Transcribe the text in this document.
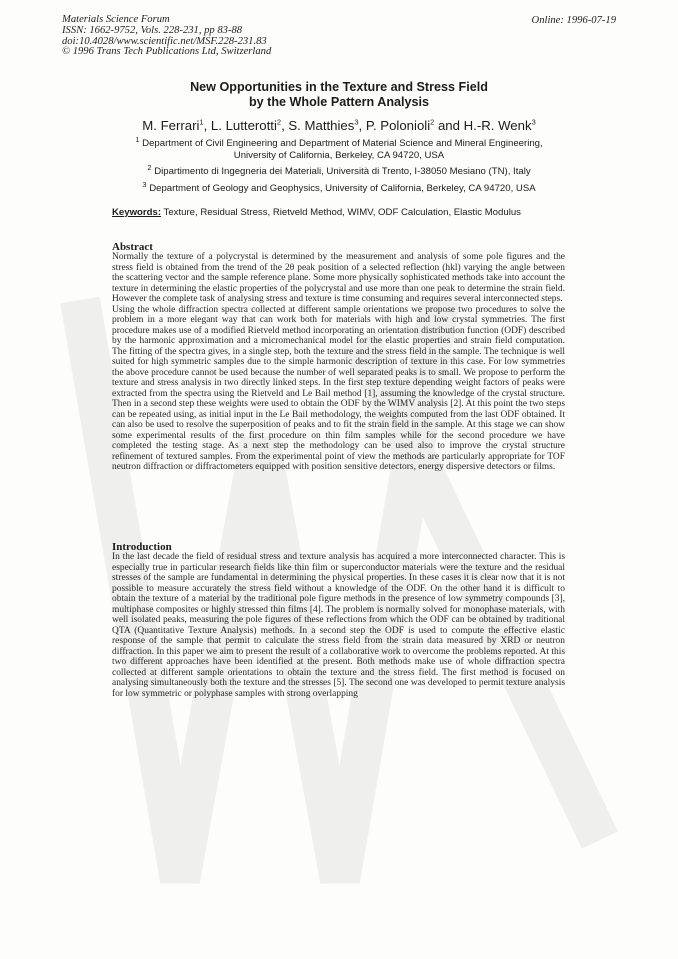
Materials Science Forum
ISSN: 1662-9752, Vols. 228-231, pp 83-88
doi:10.4028/www.scientific.net/MSF.228-231.83
© 1996 Trans Tech Publications Ltd, Switzerland
Online: 1996-07-19
New Opportunities in the Texture and Stress Field
by the Whole Pattern Analysis
M. Ferrari$^1$, L. Lutterotti$^2$, S. Matthies$^3$, P. Polonioli$^2$ and H.-R. Wenk$^3$
$^1$ Department of Civil Engineering and Department of Material Science and Mineral Engineering,
University of California, Berkeley, CA 94720, USA
$^2$ Dipartimento di Ingegneria dei Materiali, Università di Trento, I-38050 Mesiano (TN), Italy
$^3$ Department of Geology and Geophysics, University of California, Berkeley, CA 94720, USA
Keywords: Texture, Residual Stress, Rietveld Method, WIMV, ODF Calculation, Elastic Modulus
Abstract

Normally the texture of a polycrystal is determined by the measurement and analysis of some pole figures and the stress field is obtained from the trend of the 2θ peak position of a selected reflection (hkl) varying the angle between the scattering vector and the sample reference plane. Some more physically sophisticated methods take into account the texture in determining the elastic properties of the polycrystal and use more than one peak to determine the strain field. However the complete task of analysing stress and texture is time consuming and requires several interconnected steps.

Using the whole diffraction spectra collected at different sample orientations we propose two procedures to solve the problem in a more elegant way that can work both for materials with high and low crystal symmetries. The first procedure makes use of a modified Rietveld method incorporating an orientation distribution function (ODF) described by the harmonic approximation and a micromechanical model for the elastic properties and strain field computation. The fitting of the spectra gives, in a single step, both the texture and the stress field in the sample. The technique is well suited for high symmetric samples due to the simple harmonic description of texture in this case. For low symmetries the above procedure cannot be used because the number of well separated peaks is to small. We propose to perform the texture and stress analysis in two directly linked steps. In the first step texture depending weight factors of peaks were extracted from the spectra using the Rietveld and Le Bail method [1], assuming the knowledge of the crystal structure. Then in a second step these weights were used to obtain the ODF by the WIMV analysis [2]. At this point the two steps can be repeated using, as initial input in the Le Bail methodology, the weights computed from the last ODF obtained. It can also be used to resolve the superposition of peaks and to fit the strain field in the sample. At this stage we can show some experimental results of the first procedure on thin film samples while for the second procedure we have completed the testing stage. As a next step the methodology can be used also to improve the crystal structure refinement of textured samples. From the experimental point of view the methods are particularly appropriate for TOF neutron diffraction or diffractometers equipped with position sensitive detectors, energy dispersive detectors or films.

Introduction

In the last decade the field of residual stress and texture analysis has acquired a more interconnected character. This is especially true in particular research fields like thin film or superconductor materials were the texture and the residual stresses of the sample are fundamental in determining the physical properties. In these cases it is clear now that it is not possible to measure accurately the stress field without a knowledge of the ODF. On the other hand it is difficult to obtain the texture of a material by the traditional pole figure methods in the presence of low symmetry compounds [3], multiphase composites or highly stressed thin films [4]. The problem is normally solved for monophase materials, with well isolated peaks, measuring the pole figures of these reflections from which the ODF can be obtained by traditional QTA (Quantitative Texture Analysis) methods. In a second step the ODF is used to compute the effective elastic response of the sample that permit to calculate the stress field from the strain data measured by XRD or neutron diffraction. In this paper we aim to present the result of a collaborative work to overcome the problems reported. At this two different approaches have been identified at the present. Both methods make use of whole diffraction spectra collected at different sample orientations to obtain the texture and the stress field. The first method is focused on analysing simultaneously both the texture and the stresses [5]. The second one was developed to permit texture analysis for low symmetric or polyphase samples with strong overlapping
